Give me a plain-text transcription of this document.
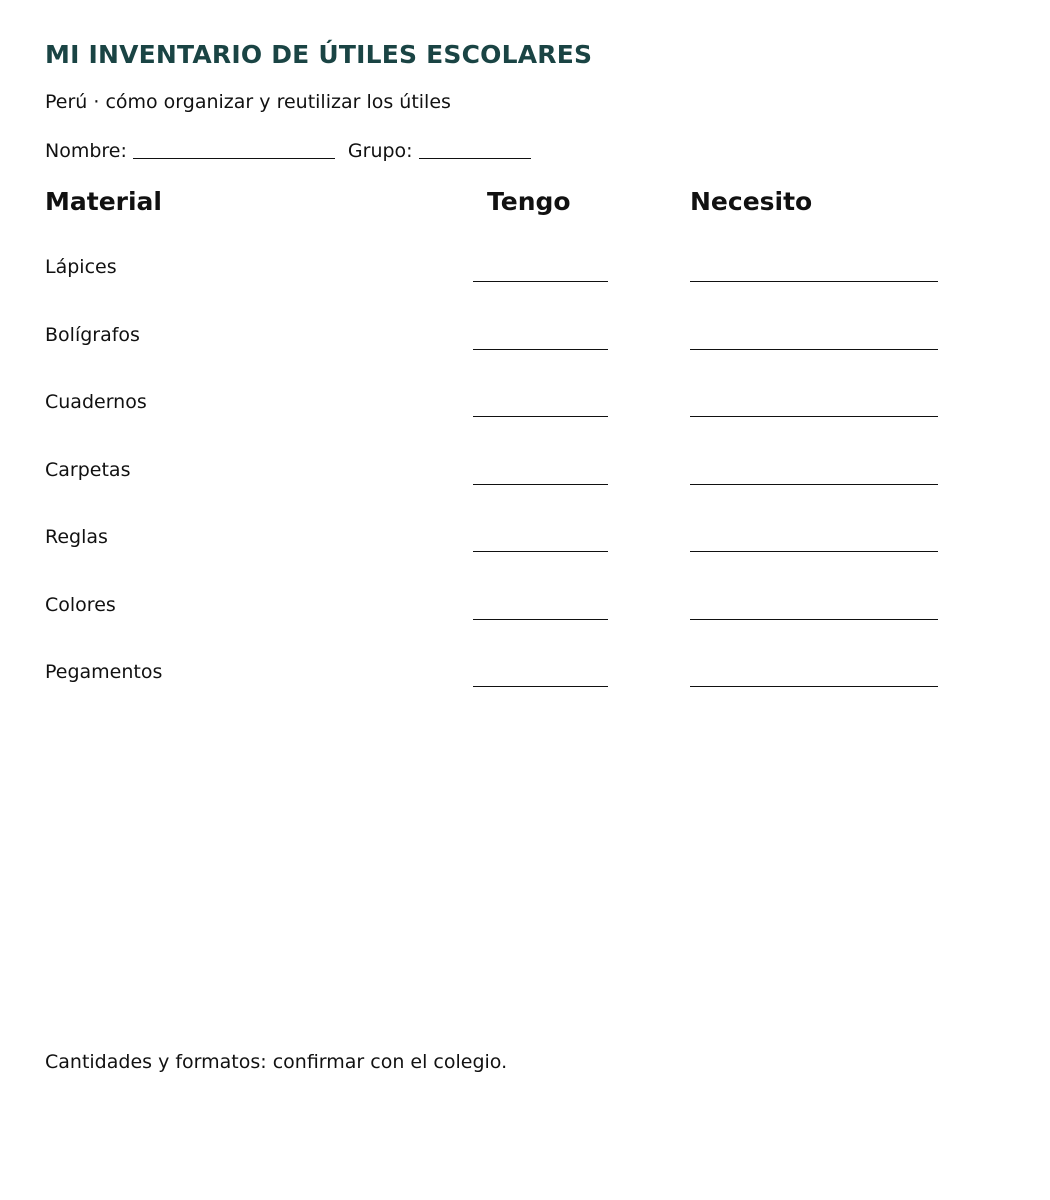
MI INVENTARIO DE ÚTILES ESCOLARES

Perú · cómo organizar y reutilizar los útiles

Nombre:	Grupo:
Material	Tengo	Necesito
Lápices
Bolígrafos
Cuadernos
Carpetas
Reglas
Colores
Pegamentos

Cantidades y formatos: confirmar con el colegio.
